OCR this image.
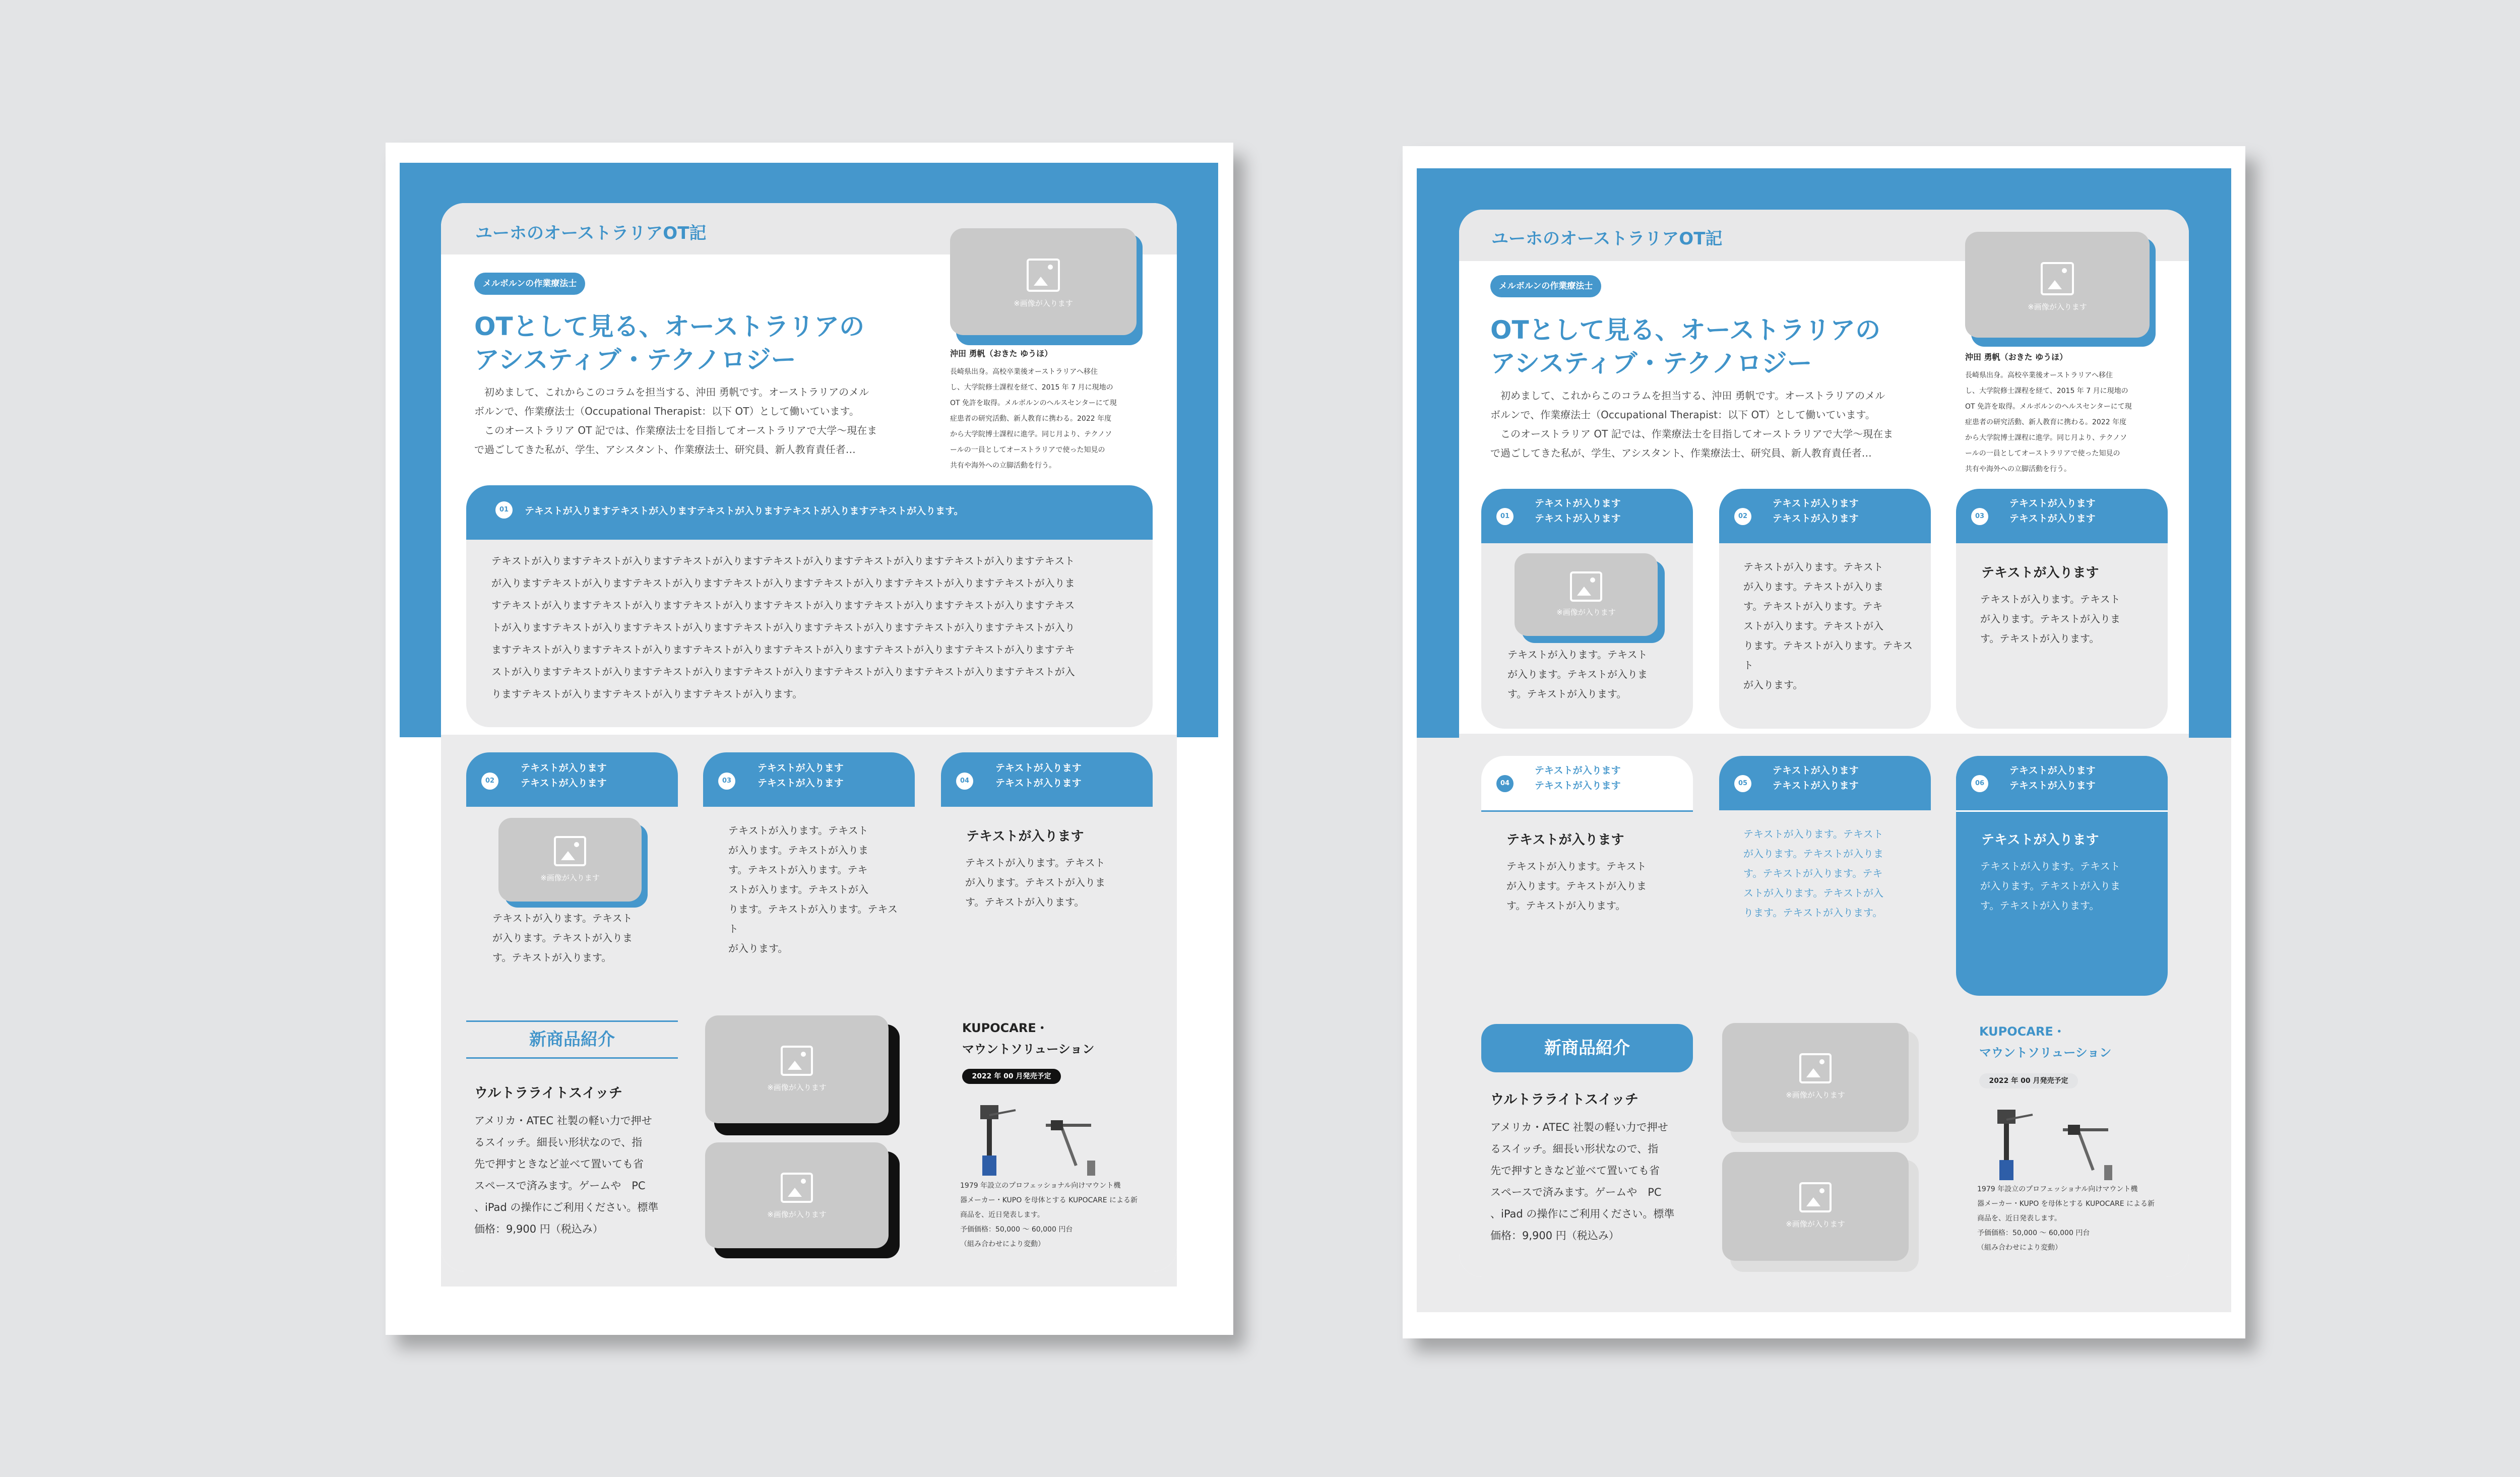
ユーホのオーストラリアOT記
メルボルンの作業療法士
OTとして見る、オーストラリアの
アシスティブ・テクノロジー
　初めまして、これからこのコラムを担当する、沖田 勇帆です。オーストラリアのメル
ボルンで、作業療法士（Occupational Therapist：以下 OT）として働いています。
　このオーストラリア OT 記では、作業療法士を目指してオーストラリアで大学〜現在ま
で過ごしてきた私が、学生、アシスタント、作業療法士、研究員、新人教育責任者…
※画像が入ります
沖田 勇帆（おきた ゆうほ）
長崎県出身。高校卒業後オーストラリアへ移住
し、大学院修士課程を経て、2015 年 7 月に現地の
OT 免許を取得。メルボルンのヘルスセンターにて現
症患者の研究活動、新人教育に携わる。2022 年度
から大学院博士課程に進学。同じ月より、テクノソ
ールの一員としてオーストラリアで使った知見の
共有や海外への立脚活動を行う。
01	テキストが入りますテキストが入りますテキストが入りますテキストが入りますテキストが入ります。
テキストが入りますテキストが入りますテキストが入りますテキストが入りますテキストが入りますテキストが入りますテキスト
が入りますテキストが入りますテキストが入りますテキストが入りますテキストが入りますテキストが入りますテキストが入りま
すテキストが入りますテキストが入りますテキストが入りますテキストが入りますテキストが入りますテキストが入りますテキス
トが入りますテキストが入りますテキストが入りますテキストが入りますテキストが入りますテキストが入りますテキストが入り
ますテキストが入りますテキストが入りますテキストが入りますテキストが入りますテキストが入りますテキストが入りますテキ
ストが入りますテキストが入りますテキストが入りますテキストが入りますテキストが入りますテキストが入りますテキストが入
りますテキストが入りますテキストが入りますテキストが入ります。
02
テキストが入ります
テキストが入ります
※画像が入ります
テキストが入ります。テキスト
が入ります。テキストが入りま
す。テキストが入ります。
03
テキストが入ります
テキストが入ります
テキストが入ります。テキスト
が入ります。テキストが入りま
す。テキストが入ります。テキ
ストが入ります。テキストが入
ります。テキストが入ります。テキスト
が入ります。
04
テキストが入ります
テキストが入ります
テキストが入ります
テキストが入ります。テキスト
が入ります。テキストが入りま
す。テキストが入ります。
新商品紹介
ウルトラライトスイッチ
アメリカ・ATEC 社製の軽い力で押せ
るスイッチ。細長い形状なので、指
先で押すときなど並べて置いても省
スペースで済みます。ゲームや　PC
、iPad の操作にご利用ください。標準
価格：9,900 円（税込み）
※画像が入ります
※画像が入ります
KUPOCARE・
マウントソリューション
2022 年 00 月発売予定
1979 年設立のプロフェッショナル向けマウント機
器メーカー・KUPO を母体とする KUPOCARE による新
商品を、近日発表します。
予価価格：50,000 〜 60,000 円台
（組み合わせにより変動）
ユーホのオーストラリアOT記
メルボルンの作業療法士
OTとして見る、オーストラリアの
アシスティブ・テクノロジー
　初めまして、これからこのコラムを担当する、沖田 勇帆です。オーストラリアのメル
ボルンで、作業療法士（Occupational Therapist：以下 OT）として働いています。
　このオーストラリア OT 記では、作業療法士を目指してオーストラリアで大学〜現在ま
で過ごしてきた私が、学生、アシスタント、作業療法士、研究員、新人教育責任者…
※画像が入ります
沖田 勇帆（おきた ゆうほ）
長崎県出身。高校卒業後オーストラリアへ移住
し、大学院修士課程を経て、2015 年 7 月に現地の
OT 免許を取得。メルボルンのヘルスセンターにて現
症患者の研究活動、新人教育に携わる。2022 年度
から大学院博士課程に進学。同じ月より、テクノソ
ールの一員としてオーストラリアで使った知見の
共有や海外への立脚活動を行う。
01
テキストが入ります
テキストが入ります
※画像が入ります
テキストが入ります。テキスト
が入ります。テキストが入りま
す。テキストが入ります。
02
テキストが入ります
テキストが入ります
テキストが入ります。テキスト
が入ります。テキストが入りま
す。テキストが入ります。テキ
ストが入ります。テキストが入
ります。テキストが入ります。テキスト
が入ります。
03
テキストが入ります
テキストが入ります
テキストが入ります
テキストが入ります。テキスト
が入ります。テキストが入りま
す。テキストが入ります。
04
テキストが入ります
テキストが入ります
テキストが入ります
テキストが入ります。テキスト
が入ります。テキストが入りま
す。テキストが入ります。
05
テキストが入ります
テキストが入ります
テキストが入ります。テキスト
が入ります。テキストが入りま
す。テキストが入ります。テキ
ストが入ります。テキストが入
ります。テキストが入ります。
06
テキストが入ります
テキストが入ります
テキストが入ります
テキストが入ります。テキスト
が入ります。テキストが入りま
す。テキストが入ります。
新商品紹介
ウルトラライトスイッチ
アメリカ・ATEC 社製の軽い力で押せ
るスイッチ。細長い形状なので、指
先で押すときなど並べて置いても省
スペースで済みます。ゲームや　PC
、iPad の操作にご利用ください。標準
価格：9,900 円（税込み）
※画像が入ります
※画像が入ります
KUPOCARE・
マウントソリューション
2022 年 00 月発売予定
1979 年設立のプロフェッショナル向けマウント機
器メーカー・KUPO を母体とする KUPOCARE による新
商品を、近日発表します。
予価価格：50,000 〜 60,000 円台
（組み合わせにより変動）
